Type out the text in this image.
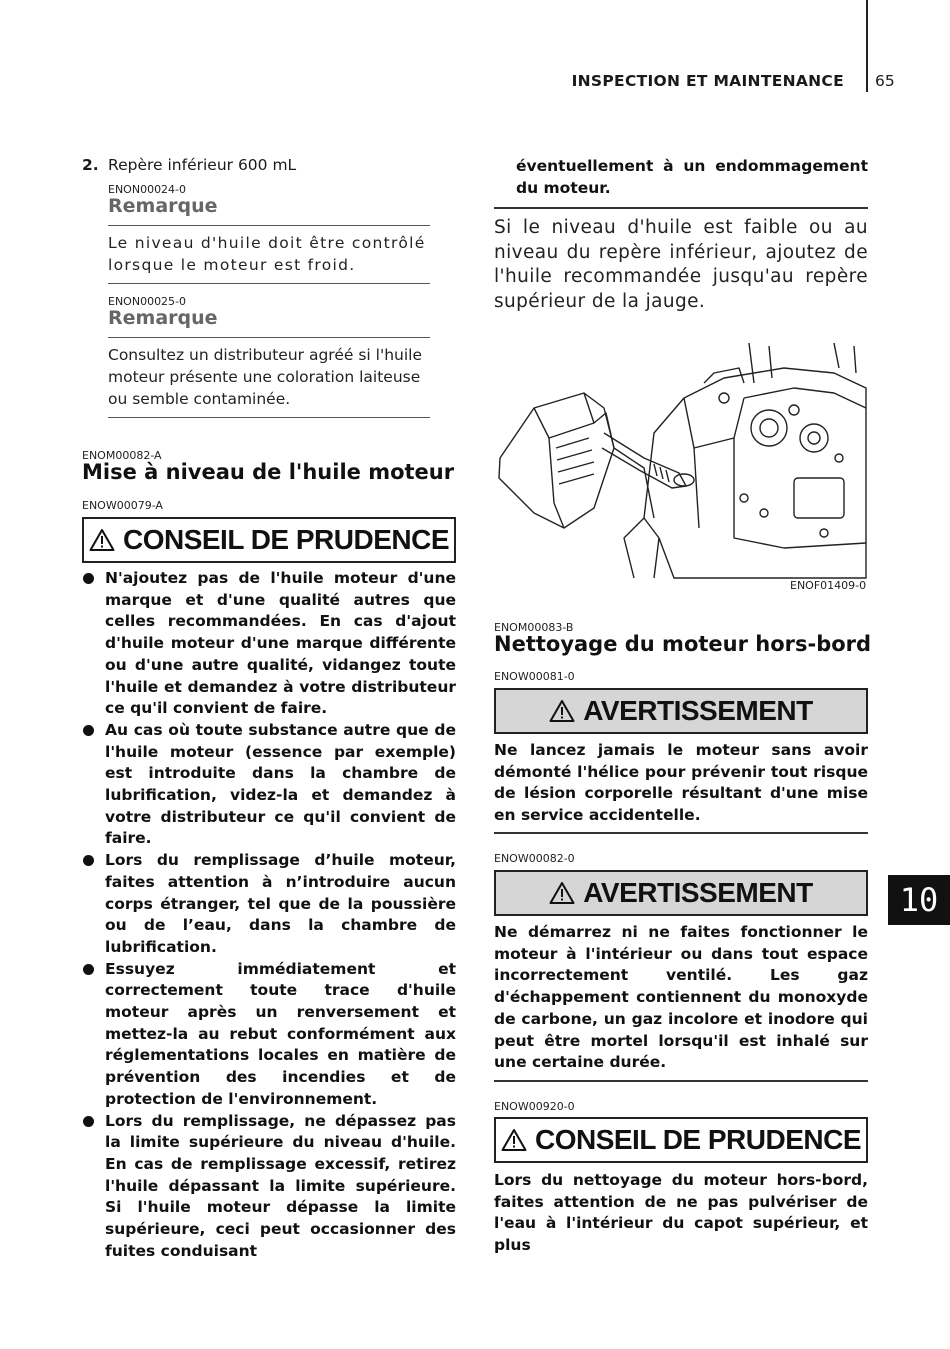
INSPECTION ET MAINTENANCE 65
2. Repère inférieur 600 mL
ENON00024-0
Remarque
Le niveau d'huile doit être contrôlé lorsque le moteur est froid.
ENON00025-0
Remarque
Consultez un distributeur agréé si l'huile moteur présente une coloration laiteuse ou semble contaminée.
ENOM00082-A
Mise à niveau de l'huile moteur
ENOW00079-A
CONSEIL DE PRUDENCE
N'ajoutez pas de l'huile moteur d'une marque et d'une qualité autres que celles recommandées. En cas d'ajout d'huile moteur d'une marque différente ou d'une autre qualité, vidangez toute l'huile et demandez à votre distributeur ce qu'il convient de faire.
Au cas où toute substance autre que de l'huile moteur (essence par exemple) est introduite dans la chambre de lubrification, videz-la et demandez à votre distributeur ce qu'il convient de faire.
Lors du remplissage d’huile moteur, faites attention à n’introduire aucun corps étranger, tel que de la poussière ou de l’eau, dans la chambre de lubrification.
Essuyez immédiatement et correctement toute trace d'huile moteur après un renversement et mettez-la au rebut conformément aux réglementations locales en matière de prévention des incendies et de protection de l'environnement.
Lors du remplissage, ne dépassez pas la limite supérieure du niveau d'huile. En cas de remplissage excessif, retirez l'huile dépassant la limite supérieure. Si l'huile moteur dépasse la limite supérieure, ceci peut occasionner des fuites conduisant
éventuellement à un endommagement du moteur.
Si le niveau d'huile est faible ou au niveau du repère inférieur, ajoutez de l'huile recommandée jusqu'au repère supérieur de la jauge.
ENOF01409-0
ENOM00083-B
Nettoyage du moteur hors-bord
ENOW00081-0
AVERTISSEMENT
Ne lancez jamais le moteur sans avoir démonté l'hélice pour prévenir tout risque de lésion corporelle résultant d'une mise en service accidentelle.
ENOW00082-0
AVERTISSEMENT
Ne démarrez ni ne faites fonctionner le moteur à l'intérieur ou dans tout espace incorrectement ventilé. Les gaz d'échappement contiennent du monoxyde de carbone, un gaz incolore et inodore qui peut être mortel lorsqu'il est inhalé sur une certaine durée.
ENOW00920-0
CONSEIL DE PRUDENCE
Lors du nettoyage du moteur hors-bord, faites attention de ne pas pulvériser de l'eau à l'intérieur du capot supérieur, et plus
10
